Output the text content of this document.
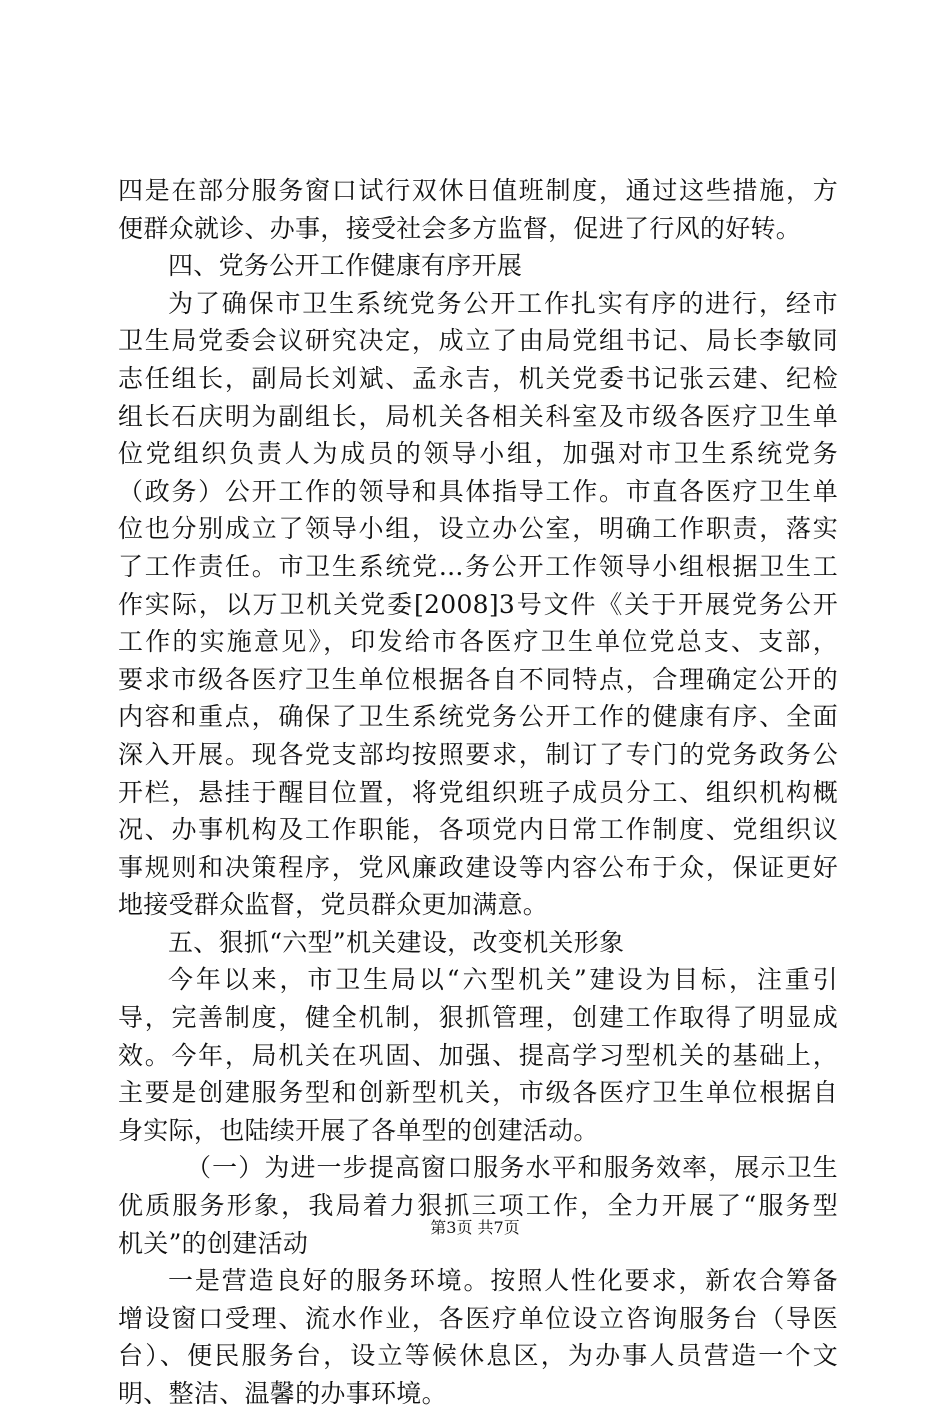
四是在部分服务窗口试行双休日值班制度，通过这些措施，方
便群众就诊、办事，接受社会多方监督，促进了行风的好转。
四、党务公开工作健康有序开展
为了确保市卫生系统党务公开工作扎实有序的进行，经市
卫生局党委会议研究决定，成立了由局党组书记、局长李敏同
志任组长，副局长刘斌、孟永吉，机关党委书记张云建、纪检
组长石庆明为副组长，局机关各相关科室及市级各医疗卫生单
位党组织负责人为成员的领导小组，加强对市卫生系统党务
（政务）公开工作的领导和具体指导工作。市直各医疗卫生单
位也分别成立了领导小组，设立办公室，明确工作职责，落实
了工作责任。市卫生系统党...务公开工作领导小组根据卫生工
作实际，以万卫机关党委[2008]3号文件《关于开展党务公开
工作的实施意见》，印发给市各医疗卫生单位党总支、支部，
要求市级各医疗卫生单位根据各自不同特点，合理确定公开的
内容和重点，确保了卫生系统党务公开工作的健康有序、全面
深入开展。现各党支部均按照要求，制订了专门的党务政务公
开栏，悬挂于醒目位置，将党组织班子成员分工、组织机构概
况、办事机构及工作职能，各项党内日常工作制度、党组织议
事规则和决策程序，党风廉政建设等内容公布于众，保证更好
地接受群众监督，党员群众更加满意。
五、狠抓“六型”机关建设，改变机关形象
今年以来，市卫生局以“六型机关”建设为目标，注重引
导，完善制度，健全机制，狠抓管理，创建工作取得了明显成
效。今年，局机关在巩固、加强、提高学习型机关的基础上，
主要是创建服务型和创新型机关，市级各医疗卫生单位根据自
身实际，也陆续开展了各单型的创建活动。
（一）为进一步提高窗口服务水平和服务效率，展示卫生
优质服务形象，我局着力狠抓三项工作，全力开展了“服务型
机关”的创建活动
一是营造良好的服务环境。按照人性化要求，新农合筹备
增设窗口受理、流水作业，各医疗单位设立咨询服务台（导医
台）、便民服务台，设立等候休息区，为办事人员营造一个文
明、整洁、温馨的办事环境。
第3页 共7页
